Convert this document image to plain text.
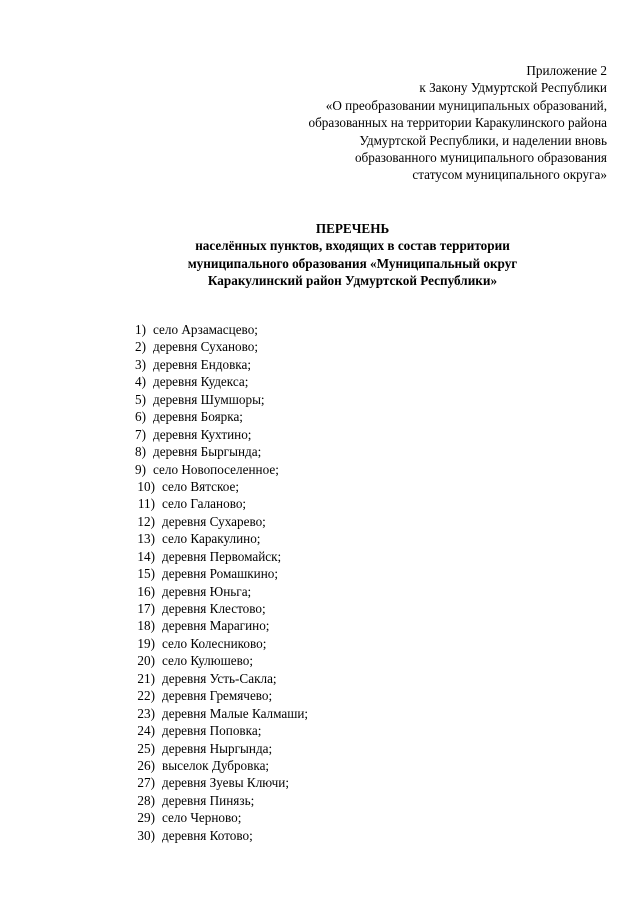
Приложение 2
к Закону Удмуртской Республики
«О преобразовании муниципальных образований,
образованных на территории Каракулинского района
Удмуртской Республики, и наделении вновь
образованного муниципального образования
статусом муниципального округа»
ПЕРЕЧЕНЬ
населённых пунктов, входящих в состав территории
муниципального образования «Муниципальный округ
Каракулинский район Удмуртской Республики»
1) село Арзамасцево;
2) деревня Суханово;
3) деревня Ендовка;
4) деревня Кудекса;
5) деревня Шумшоры;
6) деревня Боярка;
7) деревня Кухтино;
8) деревня Быргында;
9) село Новопоселенное;
10) село Вятское;
11) село Галаново;
12) деревня Сухарево;
13) село Каракулино;
14) деревня Первомайск;
15) деревня Ромашкино;
16) деревня Юньга;
17) деревня Клестово;
18) деревня Марагино;
19) село Колесниково;
20) село Кулюшево;
21) деревня Усть-Сакла;
22) деревня Гремячево;
23) деревня Малые Калмаши;
24) деревня Поповка;
25) деревня Ныргында;
26) выселок Дубровка;
27) деревня Зуевы Ключи;
28) деревня Пинязь;
29) село Черново;
30) деревня Котово;
